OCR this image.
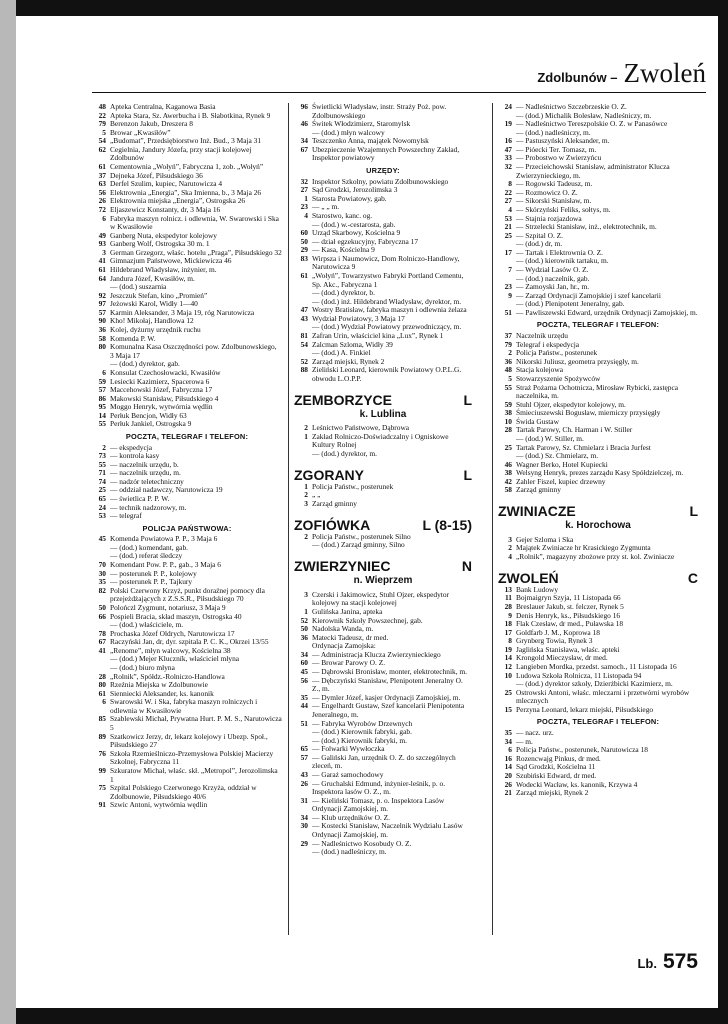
Zdolbunów – Zwoleń
48 Apteka Centralna, Kaganowa Basia
22 Apteka Stara, Sz. Awerbucha i B. Słabotkina, Rynek 9
79 Berenzon Jakub, Dreszera 8
5 Browar „Kwasiłów”
54 „Budomat”, Przedsiębiorstwo Inż. Bud., 3 Maja 31
62 Cegielnia, Jandury Józefa, przy stacji kolejowej Zdolbunów
61 Cementownia „Wołyń”, Fabryczna 1, zob. „Wołyń”
37 Dejneka Józef, Piłsudskiego 36
63 Derfel Szulim, kupiec, Narutowicza 4
56 Elektrownia „Energia”, Ska Imienna, b., 3 Maja 26
26 Elektrownia miejska „Energia”, Ostrogska 26
72 Eljaszewicz Konstanty, dr, 3 Maja 16
6 Fabryka maszyn rolnicz. i odlewnia, W. Swarowski i Ska w Kwasiłowie
49 Ganberg Nuta, ekspedytor kolejowy
93 Ganberg Wolf, Ostrogska 30 m. 1
3 German Grzegorz, właśc. hotelu „Praga”, Piłsudskiego 32
41 Gimnazjum Państwowe, Mickiewicza 46
61 Hildebrand Władysław, inżynier, m.
64 Jandura Józef, Kwasiłów, m.
— (dod.) suszarnia
92 Jeszczuk Stefan, kino „Promień”
97 Jeżowski Karol, Widły 1—40
57 Karmin Aleksander, 3 Maja 19, róg Narutowicza
90 Kho! Mikołaj, Handlowa 12
36 Kolej, dyżurny urzędnik ruchu
58 Komenda P. W.
80 Komunalna Kasa Oszczędności pow. Zdolbunowskiego, 3 Maja 17
— (dod.) dyrektor, gab.
6 Konsulat Czechosłowacki, Kwasiłów
59 Lesiecki Kazimierz, Spacerowa 6
57 Maccehowski Józef, Fabryczna 17
86 Makowski Stanisław, Piłsudskiego 4
95 Moggo Henryk, wytwórnia wędlin
14 Perłuk Bencjon, Widły 63
55 Perłuk Jankiel, Ostrogska 9
POCZTA, TELEGRAF I TELEFON:
2 — ekspedycja
73 — kontrola kasy
55 — naczelnik urzędu, b.
71 — naczelnik urzędu, m.
74 — nadzór teletechniczny
25 — oddział nadawczy, Narutowicza 19
65 — świetlica P. P. W.
24 — technik nadzorowy, m.
53 — telegraf
POLICJA PAŃSTWOWA:
45 Komenda Powiatowa P. P., 3 Maja 6
— (dod.) komendant, gab.
— (dod.) referat śledczy
70 Komendant Pow. P. P., gab., 3 Maja 6
30 — posterunek P. P., kolejowy
35 — posterunek P. P., Tajkury
82 Polski Czerwony Krzyż, punkt doraźnej pomocy dla przejeżdżających z Z.S.S.R., Piłsudskiego 70
50 Polończl Zygmunt, notariusz, 3 Maja 9
66 Pospieli Bracia, skład maszyn, Ostrogska 40
— (dod.) właściciele, m.
78 Prochaska Józef Oldrych, Narutowicza 17
67 Raczyński Jan, dr, dyr. szpitala P. C. K., Okrzei 13/55
41 „Renome”, młyn walcowy, Kościelna 38
— (dod.) Mejer Kluczník, właściciel młyna
— (dod.) biuro młyna
28 „Rolnik”, Spółdz.-Rolniczo-Handlowa
80 Rzeźnia Miejska w Zdolbunowie
61 Sienniecki Aleksander, ks. kanonik
6 Swarowski W. i Ska, fabryka maszyn rolniczych i odlewnia w Kwasiłowie
85 Szablewski Michał, Prywatna Hurt. P. M. S., Narutowicza 5
89 Szatkowicz Jerzy, dr, lekarz kolejowy i Ubezp. Społ., Piłsudskiego 27
76 Szkoła Rzemieślniczo-Przemysłowa Polskiej Macierzy Szkolnej, Fabryczna 11
99 Szkuratow Michał, właśc. skł. „Metropol”, Jerozolimska 1
75 Szpital Polskiego Czerwonego Krzyża, oddział w Zdolbunowie, Piłsudskiego 40/6
91 Szwic Antoni, wytwórnia wędlin
96 Świetlicki Władysław, instr. Straży Poż. pow. Zdolbunowskiego
46 Świtek Włodzimierz, Staromylsk
— (dod.) młyn walcowy
34 Teszczenko Anna, majątek Nowomylsk
67 Ubezpieczenie Wzajemnych Powszechny Zakład, Inspektor powiatowy
URZĘDY:
32 Inspektor Szkolny, powiatu Zdolbunowskiego
27 Sąd Grodzki, Jerozolimska 3
1 Starosta Powiatowy, gab.
23 — „ „ m.
4 Starostwo, kanc. og.
— (dod.) w.-cestarosta, gab.
60 Urząd Skarbowy, Kościelna 9
50 — dział egzekucyjny, Fabryczna 17
29 — Kasa, Kościelna 9
83 Wirpsza i Naumowicz, Dom Rolniczo-Handlowy, Narutowicza 9
61 „Wołyń”, Towarzystwo Fabryki Portland Cementu, Sp. Akc., Fabryczna 1
— (dod.) dyrektor, b.
— (dod.) inż. Hildebrand Władysław, dyrektor, m.
47 Wostry Bratisław, fabryka maszyn i odlewnia żelaza
43 Wydział Powiatowy, 3 Maja 17
— (dod.) Wydział Powiatowy przewodniczący, m.
81 Zafran Urin, właściciel kina „Lux”, Rynek 1
54 Zalcman Szloma, Widły 39
— (dod.) A. Finkiel
52 Zarząd miejski, Rynek 2
88 Zieliński Leonard, kierownik Powiatowy O.P.L.G. obwodu L.O.P.P.
ZEMBORZYCE	L
k. Lublina
2 Leśnictwo Państwowe, Dąbrowa
1 Zakład Rolniczo-Doświadczalny i Ogniskowe Kultury Rolnej
— (dod.) dyrektor, m.
ZGORANY	L
1 Policja Państw., posterunek
2 „ „
3 Zarząd gminny
ZOFIÓWKA	L (8-15)
2 Policja Państw., posterunek Silno
— (dod.) Zarząd gminny, Silno
ZWIERZYNIEC	N
n. Wieprzem
3 Czerski i Jakimowicz, Stuhl Ojzer, ekspedytor kolejowy na stacji kolejowej
1 Gulińska Janina, apteka
52 Kierownik Szkoły Powszechnej, gab.
50 Nadolska Wanda, m.
36 Matecki Tadeusz, dr med.
Ordynacja Zamojska:
34 — Administracja Klucza Zwierzynieckiego
60 — Browar Parowy O. Z.
45 — Dąbrowski Bronisław, monter, elektrotechnik, m.
56 — Dębczyński Stanisław, Plenipotent Jeneralny O. Z., m.
35 — Dymler Józef, kasjer Ordynacji Zamojskiej, m.
44 — Engelhardt Gustaw, Szef kancelarii Plenipotenta Jeneralnego, m.
51 — Fabryka Wyrobów Drzewnych
— (dod.) Kierownik fabryki, gab.
— (dod.) Kierownik fabryki, m.
65 — Folwarki Wywłoczka
57 — Galiński Jan, urzędnik O. Z. do szczególnych zleceń, m.
43 — Garaż samochodowy
26 — Gruchalski Edmund, inżynier-leśnik, p. o. Inspektora lasów O. Z., m.
31 — Kieliński Tomasz, p. o. Inspektora Lasów Ordynacji Zamojskiej, m.
34 — Klub urzędników O. Z.
30 — Kostecki Stanisław, Naczelnik Wydziału Lasów Ordynacji Zamojskiej, m.
29 — Nadleśnictwo Kosobudy O. Z.
— (dod.) nadleśniczy, m.
24 — Nadleśnictwo Szczebrzeskie O. Z.
— (dod.) Michalik Bolesław, Nadleśniczy, m.
19 — Nadleśnictwo Tereszpolskie O. Z. w Panasówce
— (dod.) nadleśniczy, m.
16 — Pastuszyński Aleksander, m.
47 — Pióecki Ter. Tomasz, m.
33 — Probostwo w Zwierzyńcu
32 — Przecieichowski Stanisław, administrator Klucza Zwierzynieckiego, m.
8 — Rogowski Tadeusz, m.
22 — Rozmowicz O. Z.
27 — Sikorski Stanisław, m.
4 — Skórzyński Feliks, sołtys, m.
53 — Stajnia rozjazdowa
21 — Strzelecki Stanisław, inż., elektrotechnik, m.
25 — Szpital O. Z.
— (dod.) dr, m.
17 — Tartak i Elektrownia O. Z.
— (dod.) kierownik tartaku, m.
7 — Wydział Lasów O. Z.
— (dod.) naczelnik, gab.
23 — Zamoyski Jan, hr., m.
9 — Zarząd Ordynacji Zamojskiej i szef kancelarii
— (dod.) Plenipotent Jeneralny, gab.
51 — Pawliszewski Edward, urzędnik Ordynacji Zamojskiej, m.
POCZTA, TELEGRAF I TELEFON:
37 Naczelnik urzędu
79 Telegraf i ekspedycja
2 Policja Państw., posterunek
36 Nikorski Juliusz, geometra przysięgły, m.
48 Stacja kolejowa
5 Stowarzyszenie Spożywców
55 Straż Pożarna Ochotnicza, Mirosław Rybicki, zastępca naczelnika, m.
59 Stuhl Ojzer, ekspedytor kolejowy, m.
38 Śmieciuszewski Bogusław, mierniczy przysięgły
10 Świda Gustaw
28 Tartak Parowy, Ch. Harman i W. Stiller
— (dod.) W. Stiller, m.
25 Tartak Parowy, Sz. Chmielarz i Bracia Jurfest
— (dod.) Sz. Chmielarz, m.
46 Wagner Berko, Hotel Kupiecki
38 Welsyng Henryk, prezes zarządu Kasy Spółdzielczej, m.
42 Zahler Fiszel, kupiec drzewny
58 Zarząd gminny
ZWINIACZE	L
k. Horochowa
3 Gejer Szloma i Ska
2 Majątek Zwiniacze hr Krasickiego Zygmunta
4 „Rolnik”, magazyny zbożowe przy st. kol. Zwiniacze
ZWOLEŃ	C
13 Bank Ludowy
11 Bojmaigryn Szyja, 11 Listopada 66
28 Breslauer Jakub, st. felczer, Rynek 5
9 Denis Henryk, ks., Piłsudskiego 16
18 Flak Czesław, dr med., Puławska 18
17 Goldfarb J. M., Koprowa 18
8 Grynberg Towia, Rynek 3
19 Jaglińska Stanisława, właśc. apteki
14 Krongold Mieczysław, dr med.
12 Langieben Mordka, przedst. samoch., 11 Listopada 16
10 Ludowa Szkoła Rolnicza, 11 Listopada 94
— (dod.) dyrektor szkoły, Dzierżbicki Kazimierz, m.
25 Ostrowski Antoni, właśc. mleczarni i przetwórni wyrobów mlecznych
15 Perzyna Leonard, lekarz miejski, Piłsudskiego
POCZTA, TELEGRAF I TELEFON:
35 — nacz. urz.
34 — m.
6 Policja Państw., posterunek, Narutowicza 18
16 Rozencwajg Pinkus, dr med.
14 Sąd Grodzki, Kościelna 11
20 Szubiński Edward, dr med.
26 Wodecki Wacław, ks. kanonik, Krzywa 4
21 Zarząd miejski, Rynek 2
Lb. 575
